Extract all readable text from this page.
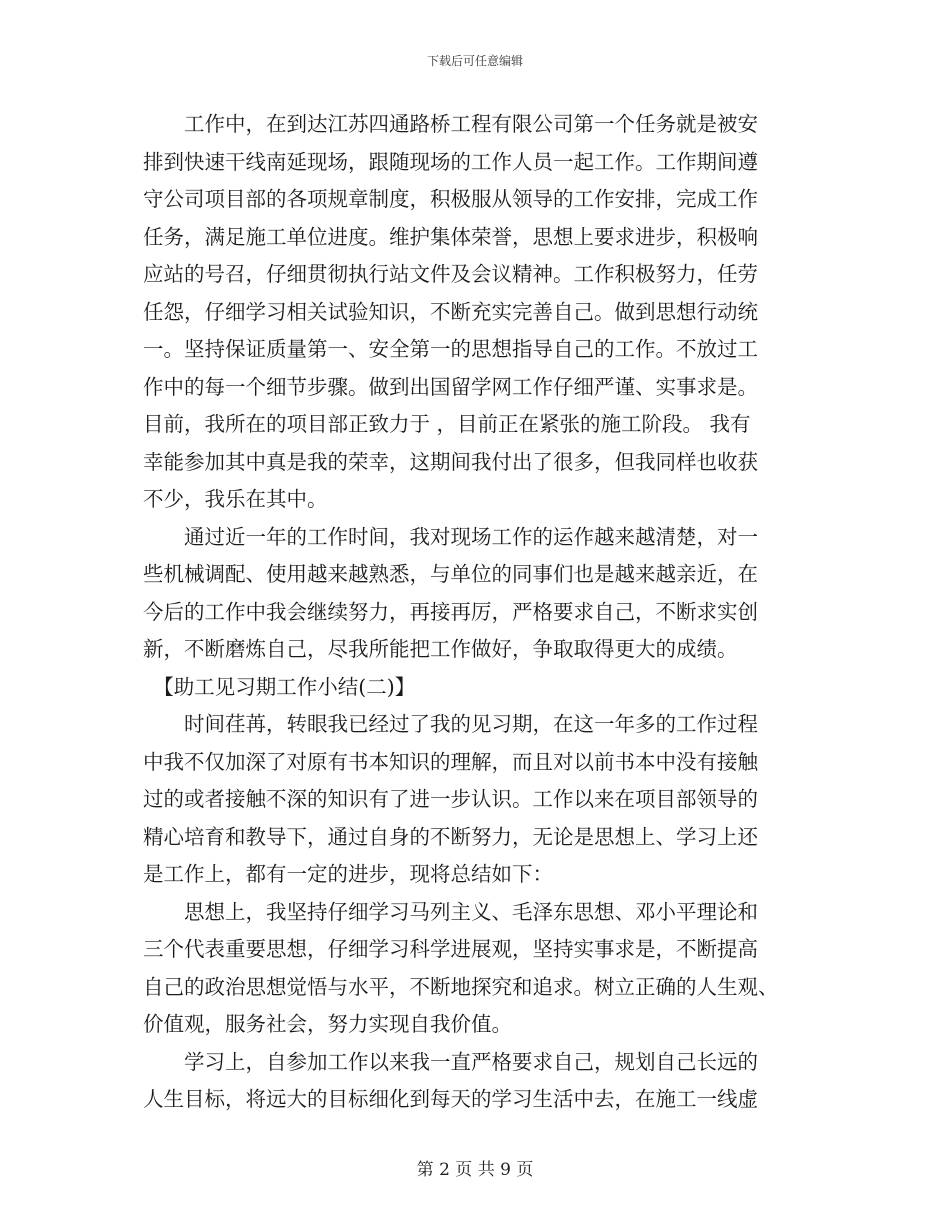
下载后可任意编辑
　　工作中，在到达江苏四通路桥工程有限公司第一个任务就是被安
排到快速干线南延现场，跟随现场的工作人员一起工作。工作期间遵
守公司项目部的各项规章制度，积极服从领导的工作安排，完成工作
任务，满足施工单位进度。维护集体荣誉，思想上要求进步，积极响
应站的号召，仔细贯彻执行站文件及会议精神。工作积极努力，任劳
任怨，仔细学习相关试验知识，不断充实完善自己。做到思想行动统
一。坚持保证质量第一、安全第一的思想指导自己的工作。不放过工
作中的每一个细节步骤。做到出国留学网工作仔细严谨、实事求是。
目前，我所在的项目部正致力于 ，目前正在紧张的施工阶段。 我有
幸能参加其中真是我的荣幸，这期间我付出了很多，但我同样也收获
不少，我乐在其中。
　　通过近一年的工作时间，我对现场工作的运作越来越清楚，对一
些机械调配、使用越来越熟悉，与单位的同事们也是越来越亲近，在
今后的工作中我会继续努力，再接再厉，严格要求自己，不断求实创
新，不断磨炼自己，尽我所能把工作做好，争取取得更大的成绩。
　【助工见习期工作小结(二)】
　　时间荏苒，转眼我已经过了我的见习期，在这一年多的工作过程
中我不仅加深了对原有书本知识的理解，而且对以前书本中没有接触
过的或者接触不深的知识有了进一步认识。工作以来在项目部领导的
精心培育和教导下，通过自身的不断努力，无论是思想上、学习上还
是工作上，都有一定的进步，现将总结如下：
　　思想上，我坚持仔细学习马列主义、毛泽东思想、邓小平理论和
三个代表重要思想，仔细学习科学进展观，坚持实事求是，不断提高
自己的政治思想觉悟与水平，不断地探究和追求。树立正确的人生观、
价值观，服务社会，努力实现自我价值。
　　学习上，自参加工作以来我一直严格要求自己，规划自己长远的
人生目标，将远大的目标细化到每天的学习生活中去，在施工一线虚
第 2 页 共 9 页
